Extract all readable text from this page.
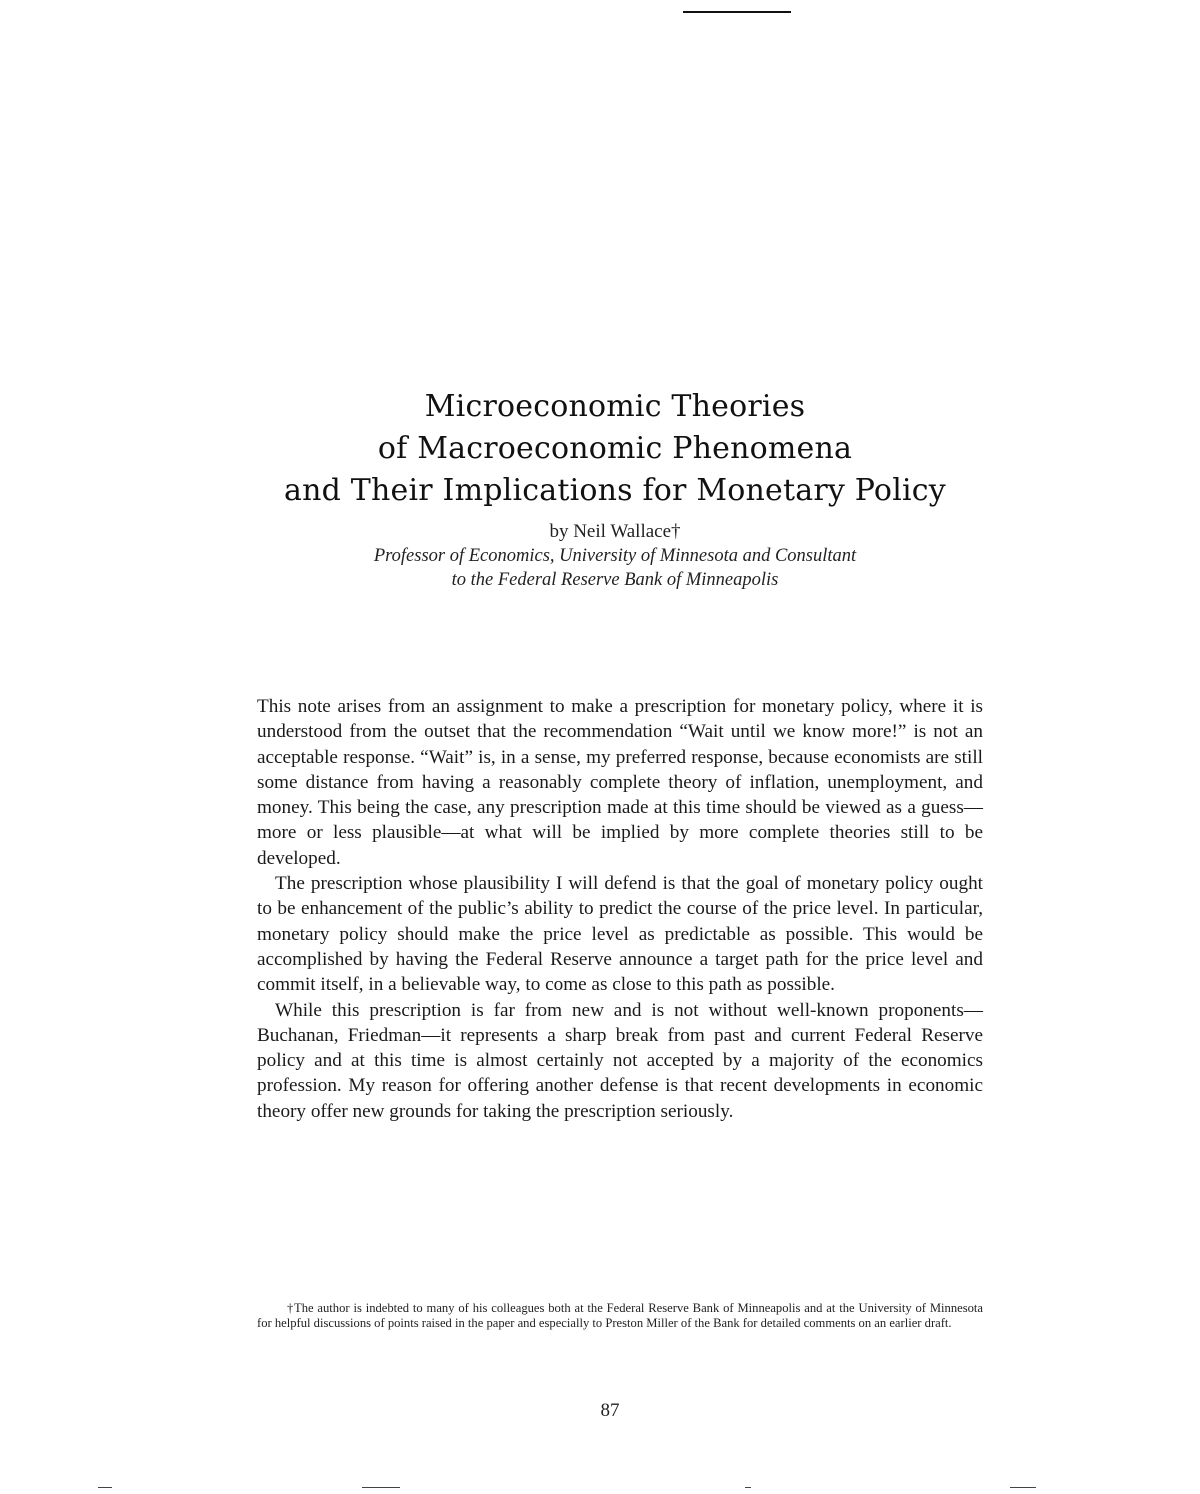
Microeconomic Theories
of Macroeconomic Phenomena
and Their Implications for Monetary Policy
by Neil Wallace†
Professor of Economics, University of Minnesota and Consultant
to the Federal Reserve Bank of Minneapolis

This note arises from an assignment to make a prescription for monetary policy, where it is understood from the outset that the recommendation “Wait until we know more!” is not an acceptable response. “Wait” is, in a sense, my preferred response, because economists are still some distance from having a reasonably complete theory of inflation, unemployment, and money. This being the case, any prescription made at this time should be viewed as a guess—more or less plausible—at what will be implied by more complete theories still to be developed.

The prescription whose plausibility I will defend is that the goal of monetary policy ought to be enhancement of the public’s ability to predict the course of the price level. In particular, monetary policy should make the price level as predictable as possible. This would be accomplished by having the Federal Reserve announce a target path for the price level and commit itself, in a believable way, to come as close to this path as possible.

While this prescription is far from new and is not without well-known proponents—Buchanan, Friedman—it represents a sharp break from past and current Federal Reserve policy and at this time is almost certainly not accepted by a majority of the economics profession. My reason for offering another defense is that recent developments in economic theory offer new grounds for taking the prescription seriously.

†The author is indebted to many of his colleagues both at the Federal Reserve Bank of Minneapolis and at the University of Minnesota for helpful discussions of points raised in the paper and especially to Preston Miller of the Bank for detailed comments on an earlier draft.
87
